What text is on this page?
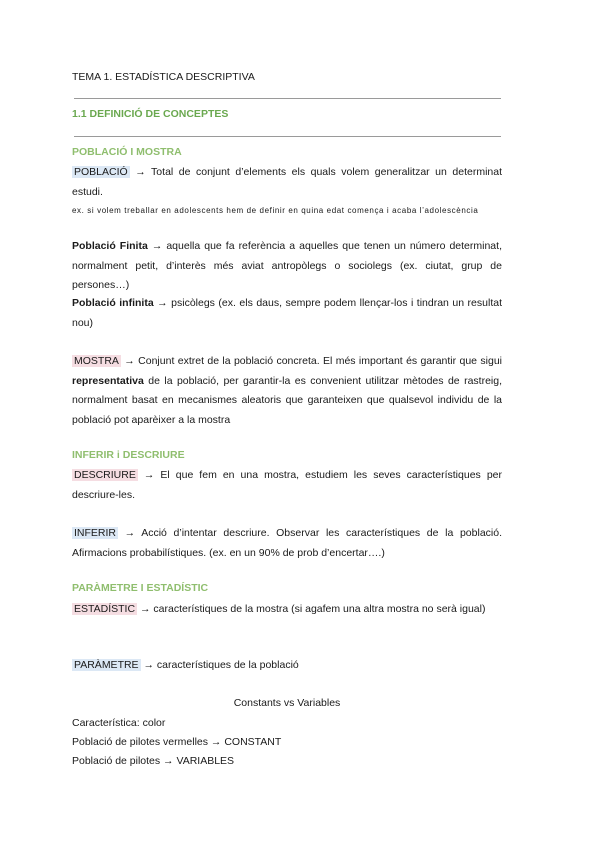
TEMA 1. ESTADÍSTICA DESCRIPTIVA
1.1 DEFINICIÓ DE CONCEPTES
POBLACIÓ I MOSTRA
POBLACIÓ → Total de conjunt d’elements els quals volem generalitzar un determinat estudi.
ex. si volem treballar en adolescents hem de definir en quina edat comença i acaba l’adolescència
Població Finita → aquella que fa referència a aquelles que tenen un número determinat, normalment petit, d’interès més aviat antropòlegs o sociolegs (ex. ciutat, grup de persones…)
Població infinita → psicòlegs (ex. els daus, sempre podem llençar-los i tindran un resultat nou)
MOSTRA → Conjunt extret de la població concreta. El més important és garantir que sigui representativa de la població, per garantir-la es convenient utilitzar mètodes de rastreig, normalment basat en mecanismes aleatoris que garanteixen que qualsevol individu de la població pot aparèixer a la mostra
INFERIR i DESCRIURE
DESCRIURE → El que fem en una mostra, estudiem les seves característiques per descriure-les.
INFERIR → Acció d’intentar descriure. Observar les característiques de la població. Afirmacions probabilístiques. (ex. en un 90% de prob d’encertar….)
PARÀMETRE I ESTADÍSTIC
ESTADÍSTIC → característiques de la mostra (si agafem una altra mostra no serà igual)
PARÀMETRE → característiques de la població
Constants vs Variables
Característica: color
Població de pilotes vermelles → CONSTANT
Població de pilotes → VARIABLES
